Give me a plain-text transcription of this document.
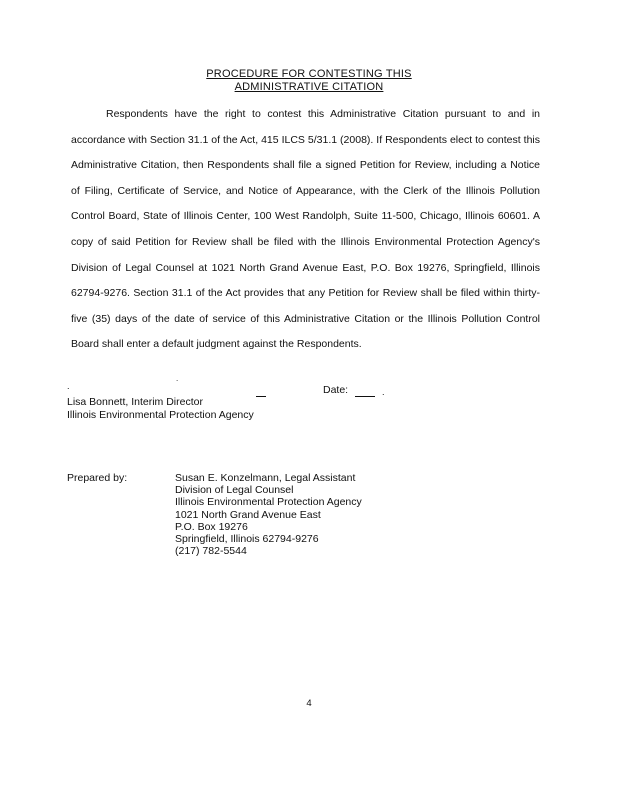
PROCEDURE FOR CONTESTING THIS
ADMINISTRATIVE CITATION

Respondents have the right to contest this Administrative Citation pursuant to and in accordance with Section 31.1 of the Act, 415 ILCS 5/31.1 (2008). If Respondents elect to contest this Administrative Citation, then Respondents shall file a signed Petition for Review, including a Notice of Filing, Certificate of Service, and Notice of Appearance, with the Clerk of the Illinois Pollution Control Board, State of Illinois Center, 100 West Randolph, Suite 11-500, Chicago, Illinois 60601. A copy of said Petition for Review shall be filed with the Illinois Environmental Protection Agency's Division of Legal Counsel at 1021 North Grand Avenue East, P.O. Box 19276, Springfield, Illinois 62794-9276. Section 31.1 of the Act provides that any Petition for Review shall be filed within thirty-five (35) days of the date of service of this Administrative Citation or the Illinois Pollution Control Board shall enter a default judgment against the Respondents.

.
.	Date:	.
Lisa Bonnett, Interim Director
Illinois Environmental Protection Agency
Prepared by:	Susan E. Konzelmann, Legal Assistant
Division of Legal Counsel
Illinois Environmental Protection Agency
1021 North Grand Avenue East
P.O. Box 19276
Springfield, Illinois 62794-9276
(217) 782-5544
4
